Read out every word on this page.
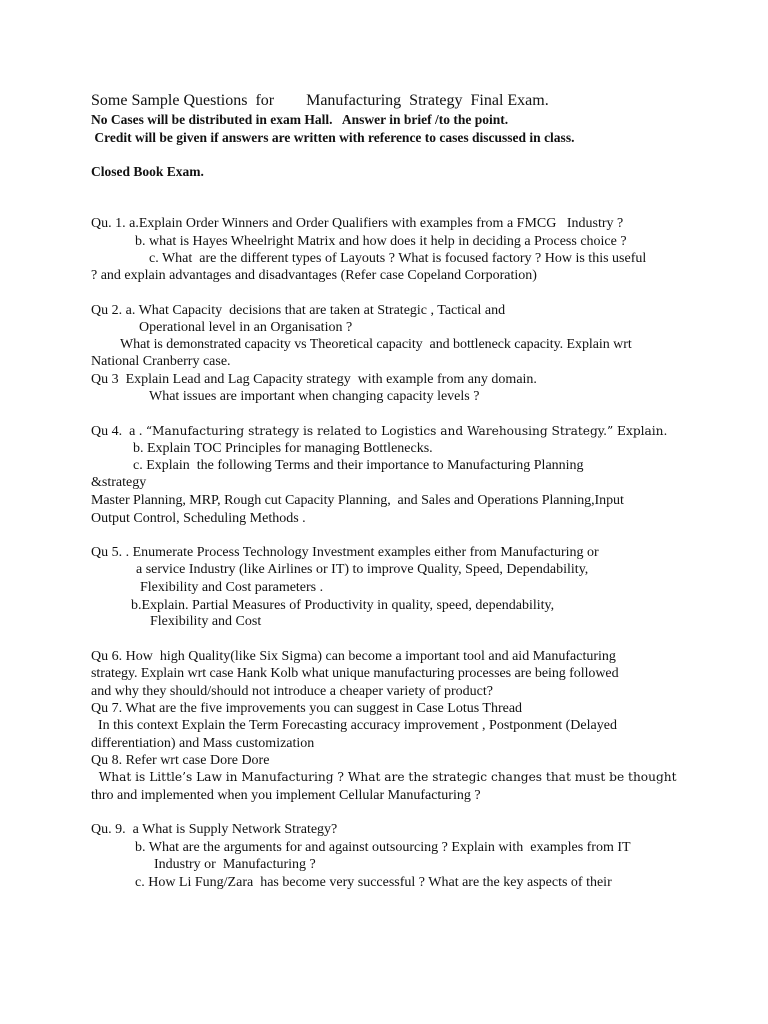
Some Sample Questions  for        Manufacturing  Strategy  Final Exam.
No Cases will be distributed in exam Hall.   Answer in brief /to the point.
Credit will be given if answers are written with reference to cases discussed in class.
Closed Book Exam.
Qu. 1. a.Explain Order Winners and Order Qualifiers with examples from a FMCG   Industry ?
b. what is Hayes Wheelright Matrix and how does it help in deciding a Process choice ?
c. What  are the different types of Layouts ? What is focused factory ? How is this useful
? and explain advantages and disadvantages (Refer case Copeland Corporation)
Qu 2. a. What Capacity  decisions that are taken at Strategic , Tactical and
Operational level in an Organisation ?
What is demonstrated capacity vs Theoretical capacity  and bottleneck capacity. Explain wrt
National Cranberry case.
Qu 3  Explain Lead and Lag Capacity strategy  with example from any domain.
What issues are important when changing capacity levels ?
Qu 4.  a . “Manufacturing strategy is related to Logistics and Warehousing Strategy.” Explain.
b. Explain TOC Principles for managing Bottlenecks.
c. Explain  the following Terms and their importance to Manufacturing Planning
&strategy
Master Planning, MRP, Rough cut Capacity Planning,  and Sales and Operations Planning,Input
Output Control, Scheduling Methods .
Qu 5. . Enumerate Process Technology Investment examples either from Manufacturing or
a service Industry (like Airlines or IT) to improve Quality, Speed, Dependability,
Flexibility and Cost parameters .
b.Explain. Partial Measures of Productivity in quality, speed, dependability,
Flexibility and Cost
Qu 6. How  high Quality(like Six Sigma) can become a important tool and aid Manufacturing
strategy. Explain wrt case Hank Kolb what unique manufacturing processes are being followed
and why they should/should not introduce a cheaper variety of product?
Qu 7. What are the five improvements you can suggest in Case Lotus Thread
In this context Explain the Term Forecasting accuracy improvement , Postponment (Delayed
differentiation) and Mass customization
Qu 8. Refer wrt case Dore Dore
What is Little’s Law in Manufacturing ? What are the strategic changes that must be thought
thro and implemented when you implement Cellular Manufacturing ?
Qu. 9.  a What is Supply Network Strategy?
b. What are the arguments for and against outsourcing ? Explain with  examples from IT
Industry or  Manufacturing ?
c. How Li Fung/Zara  has become very successful ? What are the key aspects of their
